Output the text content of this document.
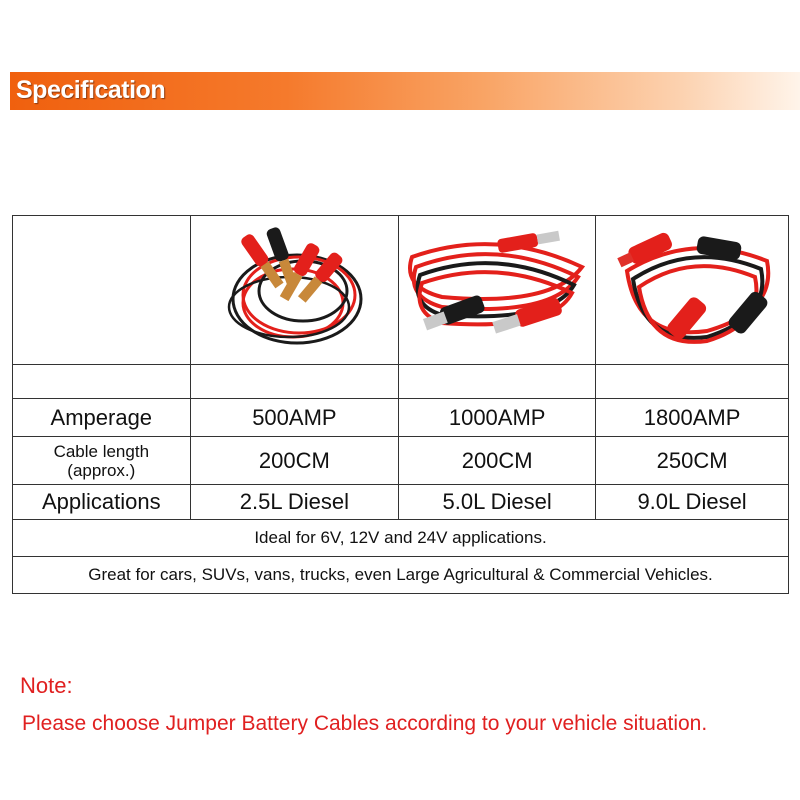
Specification

Amperage	500AMP	1000AMP	1800AMP

Cable length
(approx.)	200CM	200CM	250CM
Applications	2.5L Diesel	5.0L Diesel	9.0L Diesel
Ideal for 6V, 12V and 24V applications.			
Great for cars, SUVs, vans, trucks, even Large Agricultural & Commercial Vehicles.			
Note:
Please choose Jumper Battery Cables according to your vehicle situation.
